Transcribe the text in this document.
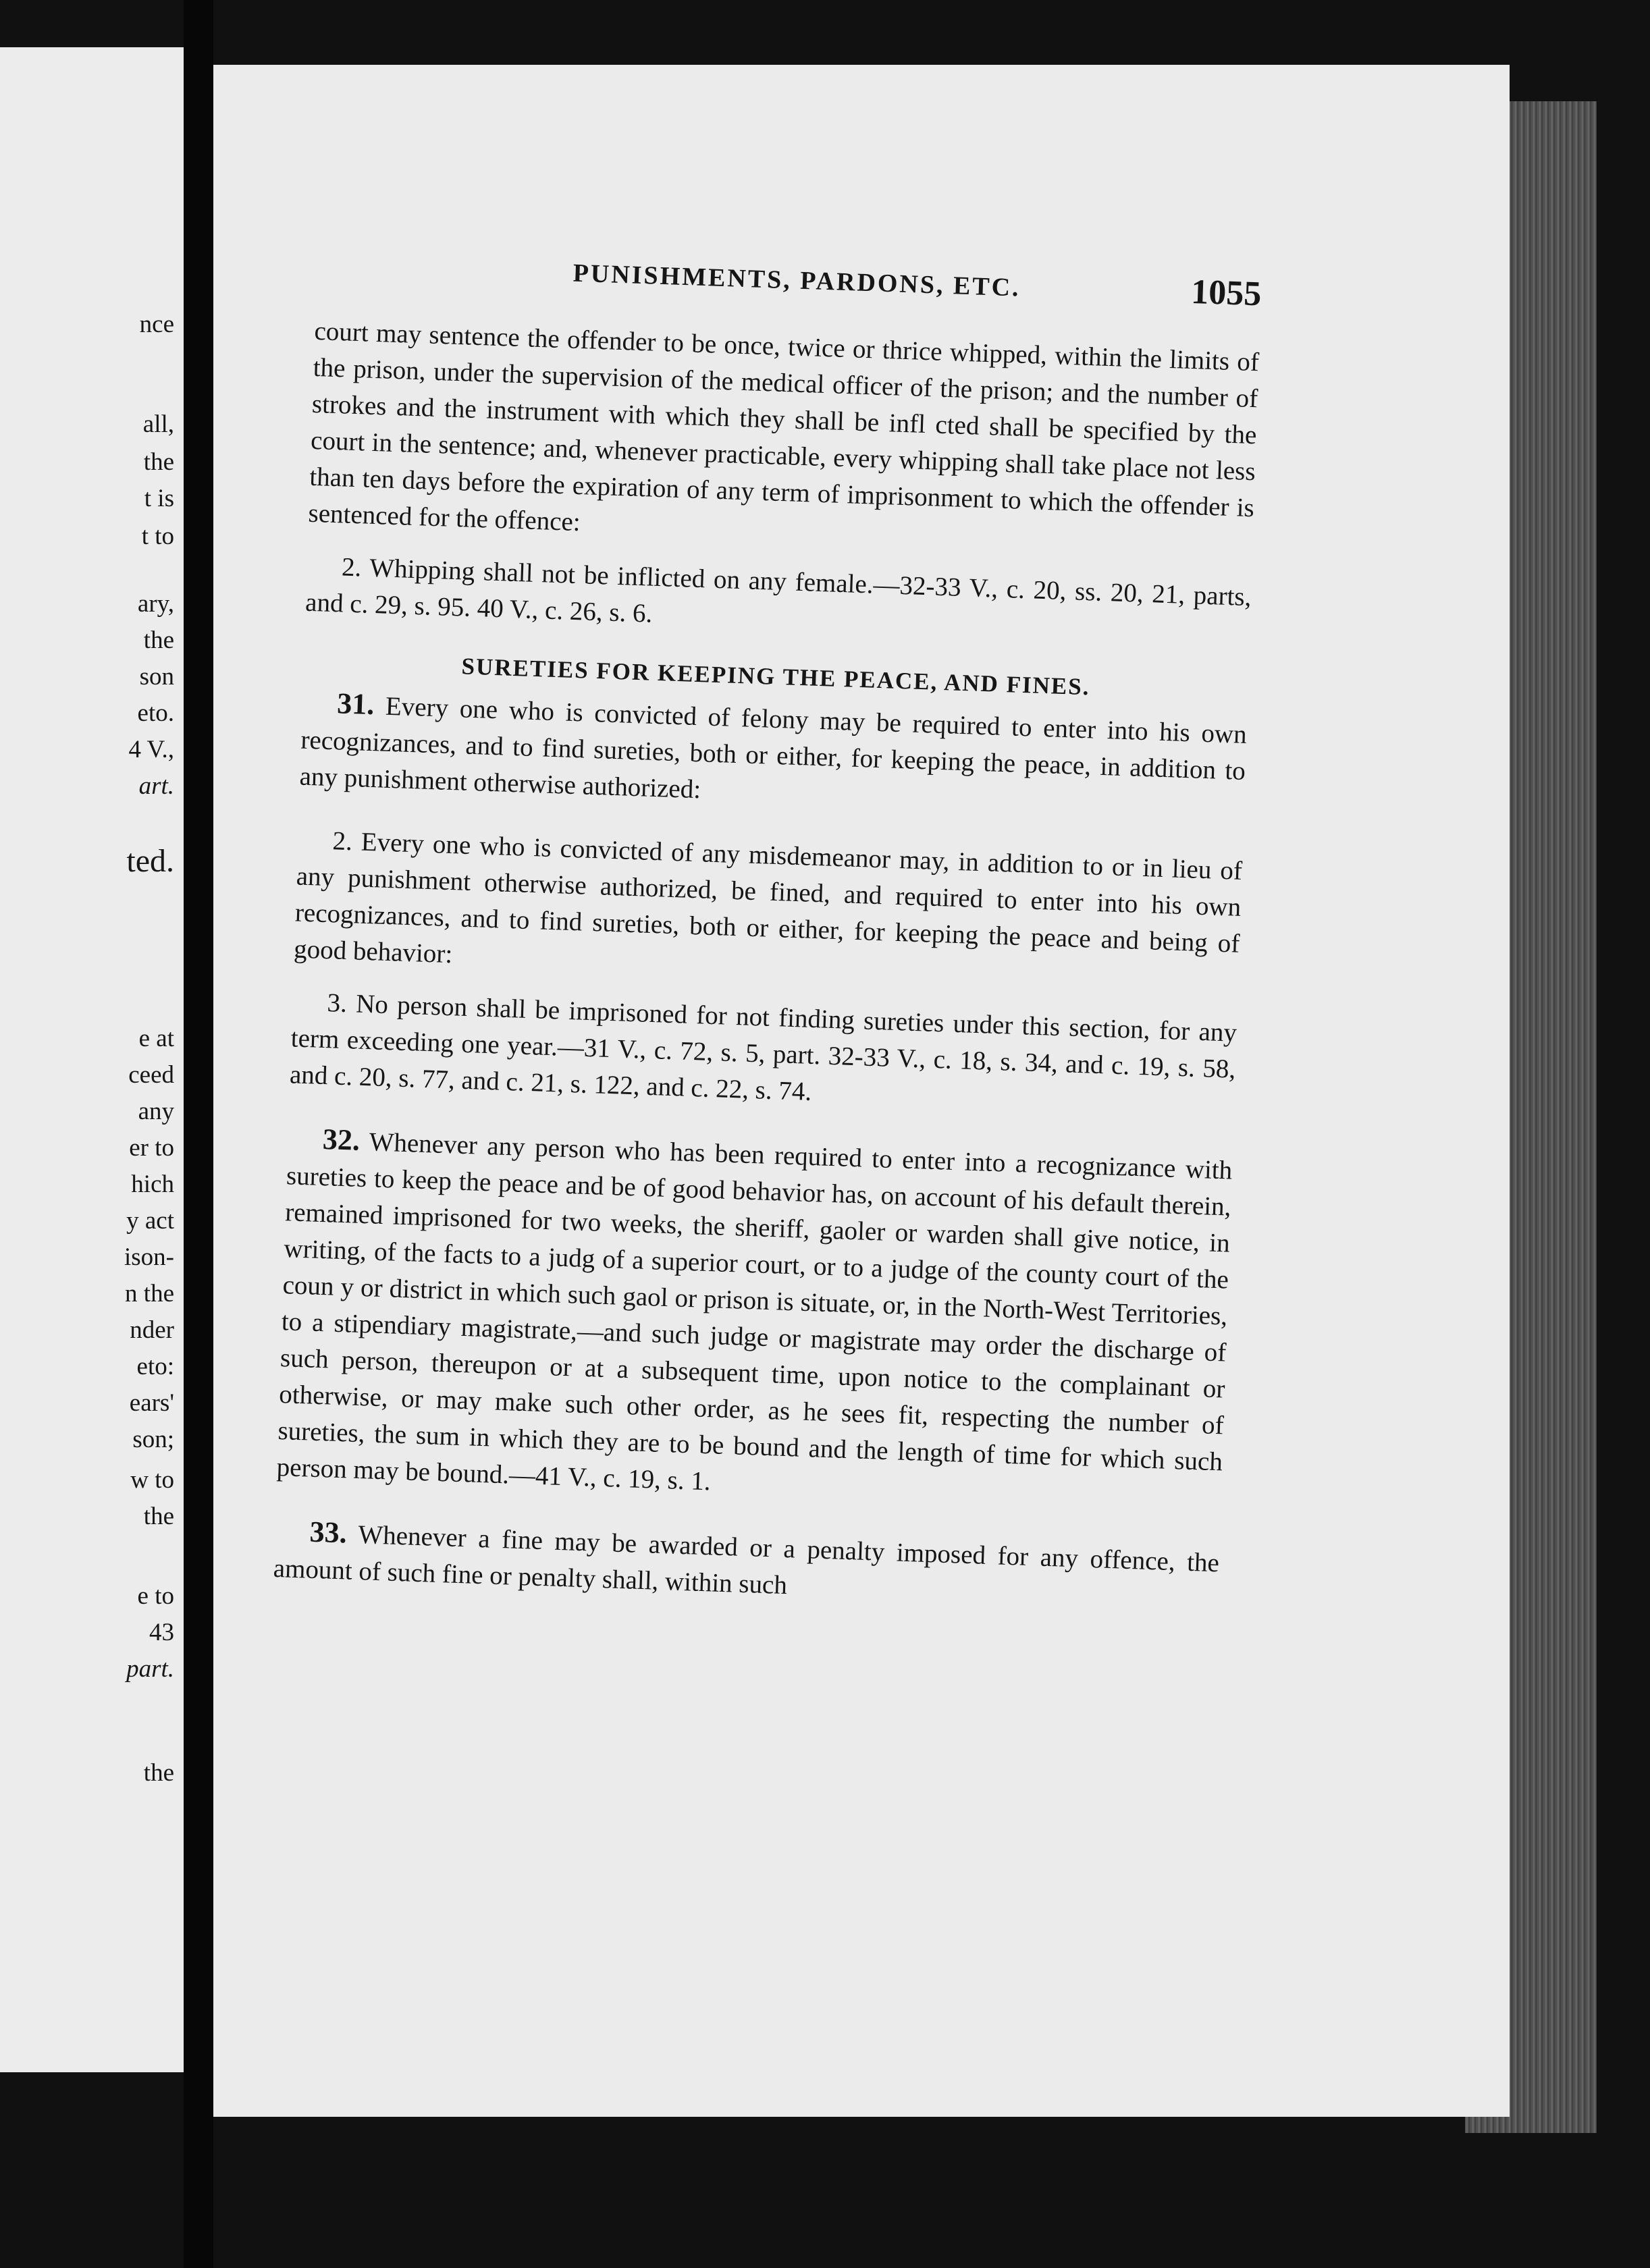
nce
all,
the
t is
t to
ary,
the
son
eto.
4 V.,
art.
ted.
e at
ceed
any
er to
hich
y act
ison-
n the
nder
eto:
ears'
son;
w to
the
e to
43
part.
the
PUNISHMENTS, PARDONS, ETC.	1055

court may sentence the offender to be once, twice or thrice whipped, within the limits of the prison, under the supervision of the medical officer of the prison; and the number of strokes and the instrument with which they shall be infl cted shall be specified by the court in the sentence; and, whenever practicable, every whipping shall take place not less than ten days before the expiration of any term of imprisonment to which the offender is sentenced for the offence:

2. Whipping shall not be inflicted on any female.—32-33 V., c. 20, ss. 20, 21, parts, and c. 29, s. 95. 40 V., c. 26, s. 6.

SURETIES FOR KEEPING THE PEACE, AND FINES.

31. Every one who is convicted of felony may be required to enter into his own recognizances, and to find sureties, both or either, for keeping the peace, in addition to any punishment otherwise authorized:

2. Every one who is convicted of any misdemeanor may, in addition to or in lieu of any punishment otherwise authorized, be fined, and required to enter into his own recognizances, and to find sureties, both or either, for keeping the peace and being of good behavior:

3. No person shall be imprisoned for not finding sureties under this section, for any term exceeding one year.—31 V., c. 72, s. 5, part. 32-33 V., c. 18, s. 34, and c. 19, s. 58, and c. 20, s. 77, and c. 21, s. 122, and c. 22, s. 74.

32. Whenever any person who has been required to enter into a recognizance with sureties to keep the peace and be of good behavior has, on account of his default therein, remained imprisoned for two weeks, the sheriff, gaoler or warden shall give notice, in writing, of the facts to a judg of a superior court, or to a judge of the county court of the coun y or district in which such gaol or prison is situate, or, in the North-West Territories, to a stipendiary magistrate,—and such judge or magistrate may order the discharge of such person, thereupon or at a subsequent time, upon notice to the complainant or otherwise, or may make such other order, as he sees fit, respecting the number of sureties, the sum in which they are to be bound and the length of time for which such person may be bound.—41 V., c. 19, s. 1.

33. Whenever a fine may be awarded or a penalty imposed for any offence, the amount of such fine or penalty shall, within such
